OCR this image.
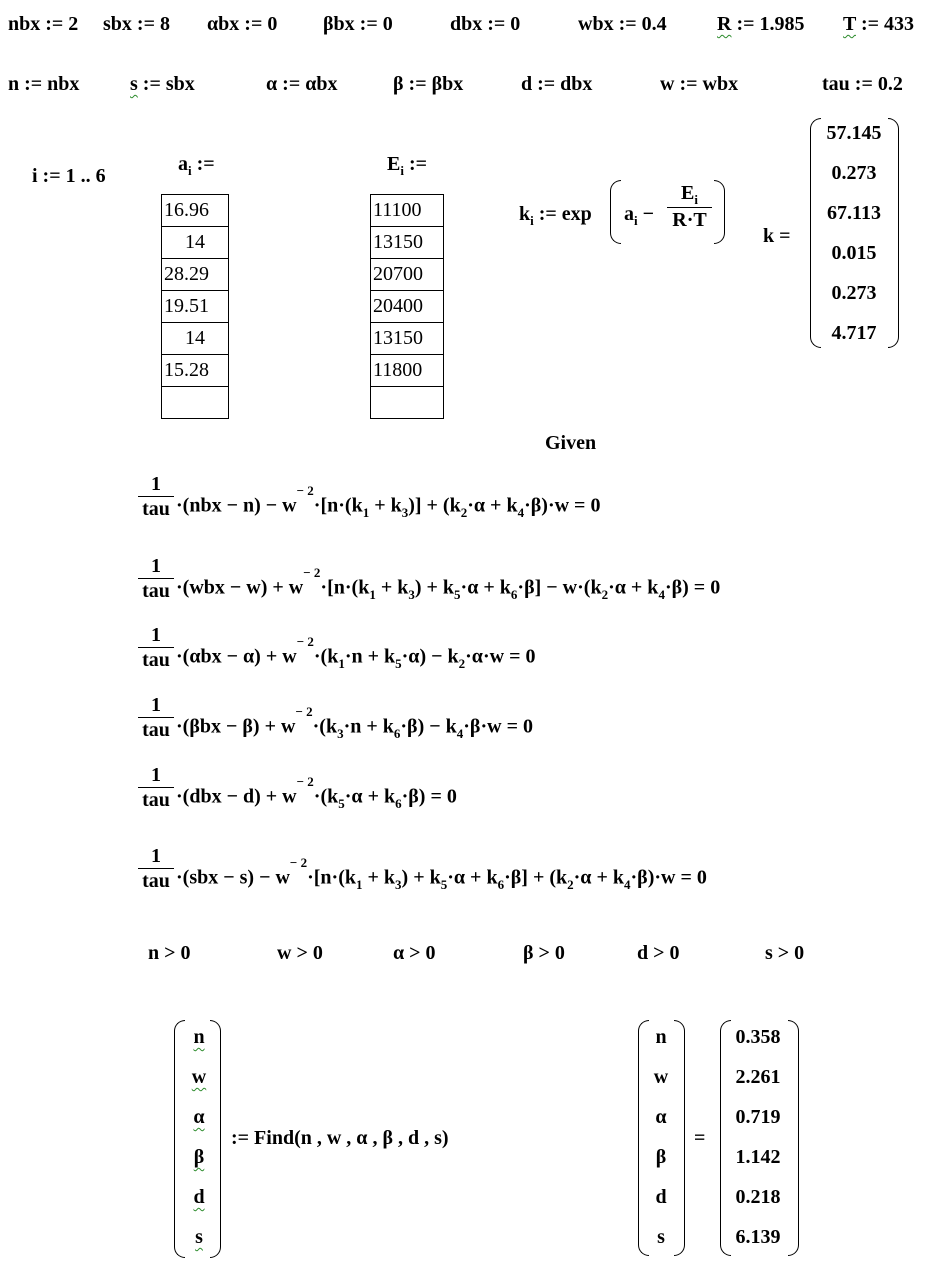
nbx := 2 sbx := 8 αbx := 0 βbx := 0	dbx := 0	wbx := 0.4	R := 1.985 T := 433
n := nbx	s := sbx	α := αbx	β := βbx	d := dbx	w := wbx	tau := 0.2
i := 1 .. 6
$a_i$ :=
16.96
14
28.29
19.51
14
15.28

$E_i$ :=
11100
13150
20700
20400
13150
11800

$k_i$ := $\exp a_i - \frac{E_i}{R\cdot T}$
k =
57.145
0.273
67.113
0.015
0.273
4.717
Given
1
tau $\cdot(nbx - n) - w^{- 2}\cdot[n\cdot(k_1 + k_3)] + (k_2\cdot\alpha + k_4\cdot\beta)\cdot w = 0$
1
tau $\cdot(wbx - w) + w^{- 2}\cdot[n\cdot(k_1 + k_3) + k_5\cdot\alpha + k_6\cdot\beta] - w\cdot(k_2\cdot\alpha + k_4\cdot\beta) = 0$
1
tau $\cdot(\alpha bx - \alpha) + w^{- 2}\cdot(k_1\cdot n + k_5\cdot\alpha) - k_2\cdot\alpha\cdot w = 0$
1
tau $\cdot(\beta bx - \beta) + w^{- 2}\cdot(k_3\cdot n + k_6\cdot\beta) - k_4\cdot\beta\cdot w = 0$
1
tau $\cdot(dbx - d) + w^{- 2}\cdot(k_5\cdot\alpha + k_6\cdot\beta) = 0$
1
tau $\cdot(sbx - s) - w^{- 2}\cdot[n\cdot(k_1 + k_3) + k_5\cdot\alpha + k_6\cdot\beta] + (k_2\cdot\alpha + k_4\cdot\beta)\cdot w = 0$
n > 0	w > 0	α > 0	β > 0	d > 0	s > 0
n
w
α
β
d
s
:= Find(n , w , α , β , d , s)
n
w
α
β
d
s
=
0.358
2.261
0.719
1.142
0.218
6.139
